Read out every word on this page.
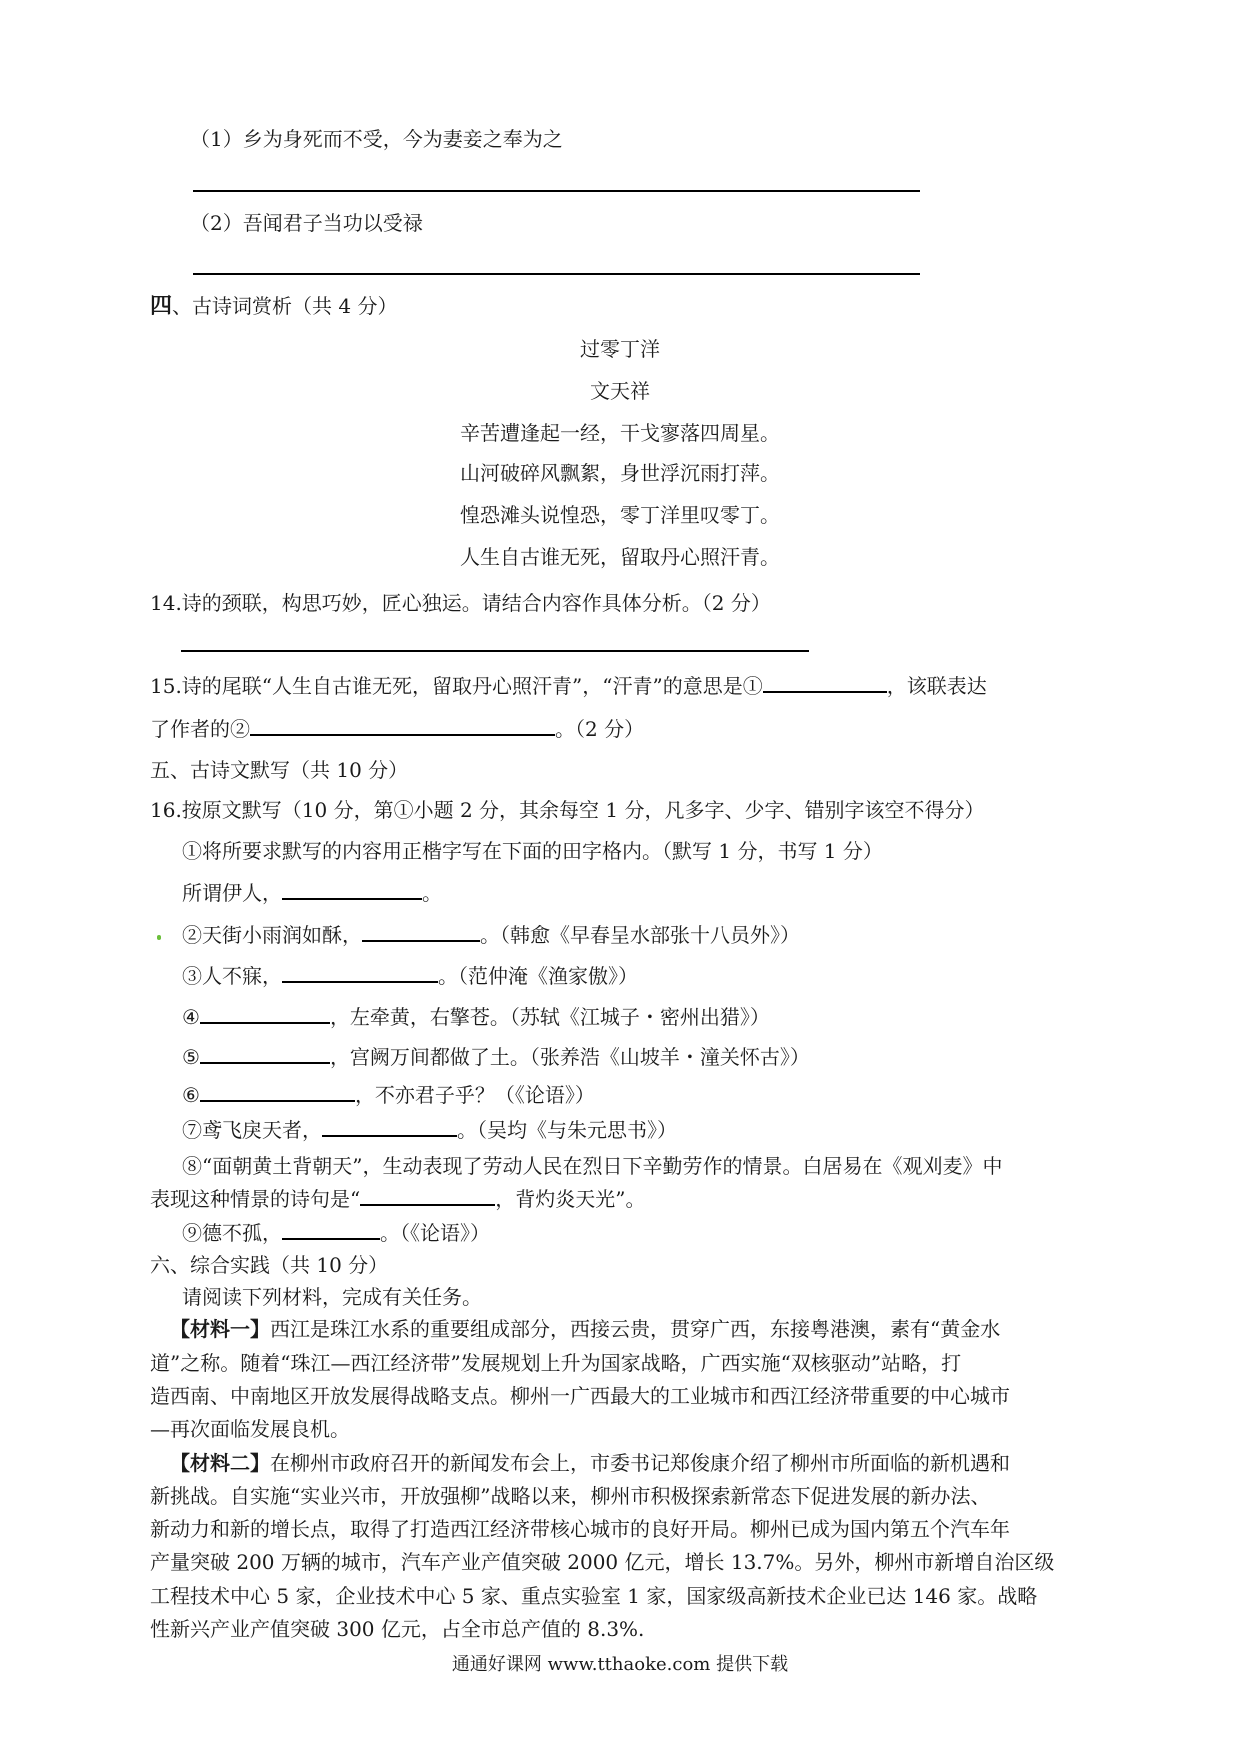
（1）乡为身死而不受，今为妻妾之奉为之
（2）吾闻君子当功以受禄
四、古诗词赏析（共 4 分）
过零丁洋
文天祥
辛苦遭逢起一经，干戈寥落四周星。
山河破碎风飘絮，身世浮沉雨打萍。
惶恐滩头说惶恐，零丁洋里叹零丁。
人生自古谁无死，留取丹心照汗青。
14.诗的颈联，构思巧妙，匠心独运。请结合内容作具体分析。（2 分）
15.诗的尾联“人生自古谁无死，留取丹心照汗青”，“汗青”的意思是①	，该联表达
了作者的②	。（2 分）
五、古诗文默写（共 10 分）
16.按原文默写（10 分，第①小题 2 分，其余每空 1 分，凡多字、少字、错别字该空不得分）
①将所要求默写的内容用正楷字写在下面的田字格内。（默写 1 分，书写 1 分）
所谓伊人，	。
②天街小雨润如酥，	。（韩愈《早春呈水部张十八员外》）
③人不寐，	。（范仲淹《渔家傲》）
④	，左牵黄，右擎苍。（苏轼《江城子・密州出猎》）
⑤	，宫阙万间都做了土。（张养浩《山坡羊・潼关怀古》）
⑥	，不亦君子乎？（《论语》）
⑦鸢飞戾天者，	。（吴均《与朱元思书》）
⑧“面朝黄土背朝天”，生动表现了劳动人民在烈日下辛勤劳作的情景。白居易在《观刈麦》中
表现这种情景的诗句是“	，背灼炎天光”。
⑨德不孤，	。（《论语》）
六、综合实践（共 10 分）
请阅读下列材料，完成有关任务。
【材料一】西江是珠江水系的重要组成部分，西接云贵，贯穿广西，东接粤港澳，素有“黄金水
道”之称。随着“珠江—西江经济带”发展规划上升为国家战略，广西实施“双核驱动”站略，打
造西南、中南地区开放发展得战略支点。柳州一广西最大的工业城市和西江经济带重要的中心城市
—再次面临发展良机。
【材料二】在柳州市政府召开的新闻发布会上，市委书记郑俊康介绍了柳州市所面临的新机遇和
新挑战。自实施“实业兴市，开放强柳”战略以来，柳州市积极探索新常态下促进发展的新办法、
新动力和新的增长点，取得了打造西江经济带核心城市的良好开局。柳州已成为国内第五个汽车年
产量突破 200 万辆的城市，汽车产业产值突破 2000 亿元，增长 13.7%。另外，柳州市新增自治区级
工程技术中心 5 家，企业技术中心 5 家、重点实验室 1 家，国家级高新技术企业已达 146 家。战略
性新兴产业产值突破 300 亿元，占全市总产值的 8.3%.
通通好课网 www.tthaoke.com 提供下载
